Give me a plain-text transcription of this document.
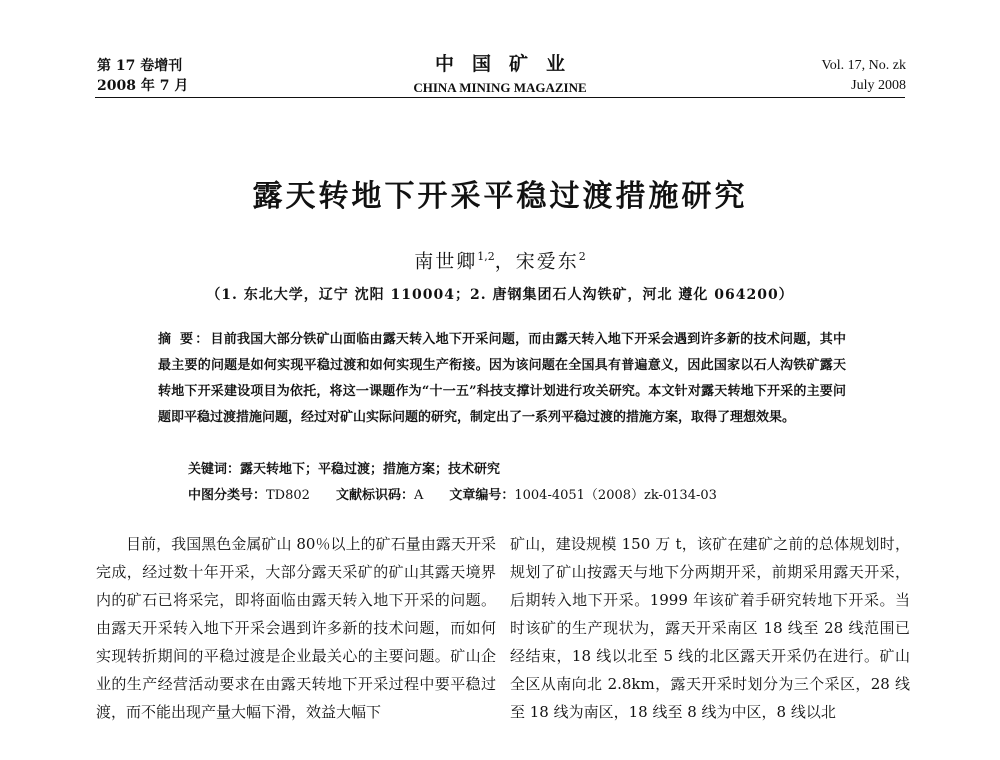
第 17 卷增刊
2008 年 7 月
中国矿业
CHINA MINING MAGAZINE
Vol. 17, No. zk
July 2008
露天转地下开采平稳过渡措施研究
南世卿$^{1,2}$，宋爱东$^2$
（1. 东北大学，辽宁 沈阳 110004；2. 唐钢集团石人沟铁矿，河北 遵化 064200）
摘 要：目前我国大部分铁矿山面临由露天转入地下开采问题，而由露天转入地下开采会遇到许多新的技术问题，其中最主要的问题是如何实现平稳过渡和如何实现生产衔接。因为该问题在全国具有普遍意义，因此国家以石人沟铁矿露天转地下开采建设项目为依托，将这一课题作为“十一五”科技支撑计划进行攻关研究。本文针对露天转地下开采的主要问题即平稳过渡措施问题，经过对矿山实际问题的研究，制定出了一系列平稳过渡的措施方案，取得了理想效果。
关键词：露天转地下；平稳过渡；措施方案；技术研究
中图分类号：TD802 文献标识码：A 文章编号：1004-4051（2008）zk-0134-03
目前，我国黑色金属矿山 80％以上的矿石量由露天开采完成，经过数十年开采，大部分露天采矿的矿山其露天境界内的矿石已将采完，即将面临由露天转入地下开采的问题。由露天开采转入地下开采会遇到许多新的技术问题，而如何实现转折期间的平稳过渡是企业最关心的主要问题。矿山企业的生产经营活动要求在由露天转地下开采过程中要平稳过渡，而不能出现产量大幅下滑，效益大幅下
矿山，建设规模 150 万 t，该矿在建矿之前的总体规划时，规划了矿山按露天与地下分两期开采，前期采用露天开采，后期转入地下开采。1999 年该矿着手研究转地下开采。当时该矿的生产现状为，露天开采南区 18 线至 28 线范围已经结束，18 线以北至 5 线的北区露天开采仍在进行。矿山全区从南向北 2.8km，露天开采时划分为三个采区，28 线至 18 线为南区，18 线至 8 线为中区，8 线以北
